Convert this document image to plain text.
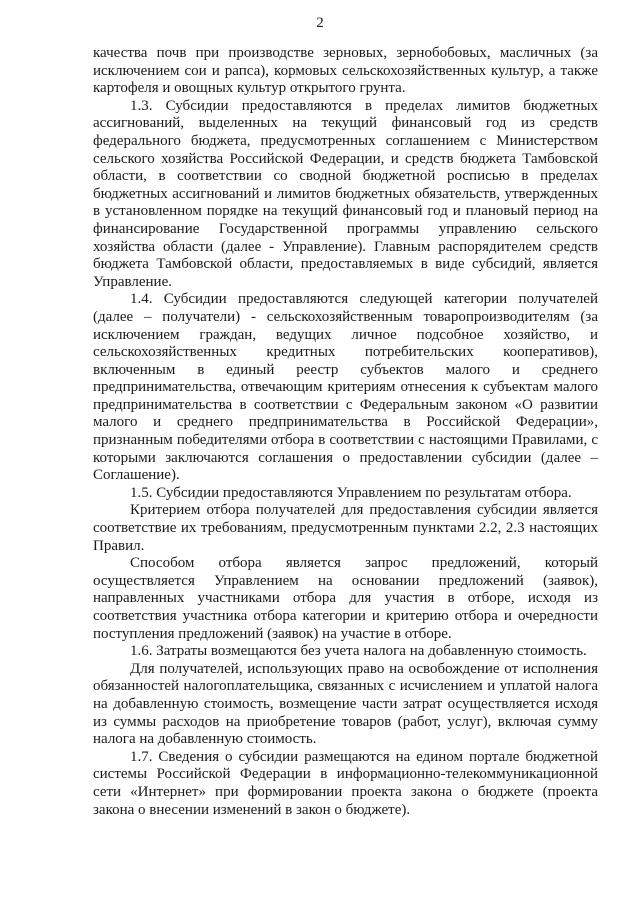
2

качества почв при производстве зерновых, зернобобовых, масличных (за исключением сои и рапса), кормовых сельскохозяйственных культур, а также картофеля и овощных культур открытого грунта.

1.3. Субсидии предоставляются в пределах лимитов бюджетных ассигнований, выделенных на текущий финансовый год из средств федерального бюджета, предусмотренных соглашением с Министерством сельского хозяйства Российской Федерации, и средств бюджета Тамбовской области, в соответствии со сводной бюджетной росписью в пределах бюджетных ассигнований и лимитов бюджетных обязательств, утвержденных в установленном порядке на текущий финансовый год и плановый период на финансирование Государственной программы управлению сельского хозяйства области (далее - Управление). Главным распорядителем средств бюджета Тамбовской области, предоставляемых в виде субсидий, является Управление.

1.4. Субсидии предоставляются следующей категории получателей (далее – получатели) - сельскохозяйственным товаропроизводителям (за исключением граждан, ведущих личное подсобное хозяйство, и сельскохозяйственных кредитных потребительских кооперативов), включенным в единый реестр субъектов малого и среднего предпринимательства, отвечающим критериям отнесения к субъектам малого предпринимательства в соответствии с Федеральным законом «О развитии малого и среднего предпринимательства в Российской Федерации», признанным победителями отбора в соответствии с настоящими Правилами, с которыми заключаются соглашения о предоставлении субсидии (далее – Соглашение).

1.5. Субсидии предоставляются Управлением по результатам отбора.

Критерием отбора получателей для предоставления субсидии является соответствие их требованиям, предусмотренным пунктами 2.2, 2.3 настоящих Правил.

Способом отбора является запрос предложений, который осуществляется Управлением на основании предложений (заявок), направленных участниками отбора для участия в отборе, исходя из соответствия участника отбора категории и критерию отбора и очередности поступления предложений (заявок) на участие в отборе.

1.6. Затраты возмещаются без учета налога на добавленную стоимость.

Для получателей, использующих право на освобождение от исполнения обязанностей налогоплательщика, связанных с исчислением и уплатой налога на добавленную стоимость, возмещение части затрат осуществляется исходя из суммы расходов на приобретение товаров (работ, услуг), включая сумму налога на добавленную стоимость.

1.7. Сведения о субсидии размещаются на едином портале бюджетной системы Российской Федерации в информационно-телекоммуникационной сети «Интернет» при формировании проекта закона о бюджете (проекта закона о внесении изменений в закон о бюджете).
